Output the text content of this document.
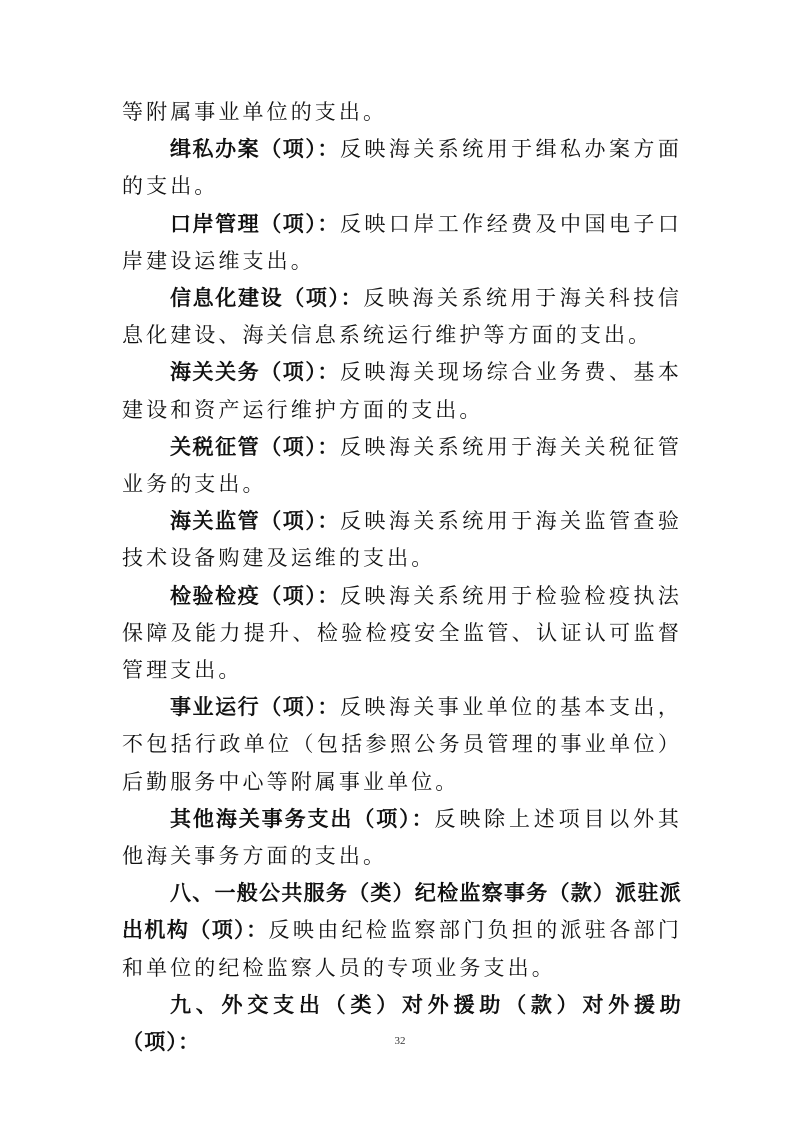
等附属事业单位的支出。

缉私办案（项）：反映海关系统用于缉私办案方面的支出。

口岸管理（项）：反映口岸工作经费及中国电子口岸建设运维支出。

信息化建设（项）：反映海关系统用于海关科技信息化建设、海关信息系统运行维护等方面的支出。

海关关务（项）：反映海关现场综合业务费、基本建设和资产运行维护方面的支出。

关税征管（项）：反映海关系统用于海关关税征管业务的支出。

海关监管（项）：反映海关系统用于海关监管查验技术设备购建及运维的支出。

检验检疫（项）：反映海关系统用于检验检疫执法保障及能力提升、检验检疫安全监管、认证认可监督管理支出。

事业运行（项）：反映海关事业单位的基本支出，不包括行政单位（包括参照公务员管理的事业单位）后勤服务中心等附属事业单位。

其他海关事务支出（项）：反映除上述项目以外其他海关事务方面的支出。

八、一般公共服务（类）纪检监察事务（款）派驻派出机构（项）：反映由纪检监察部门负担的派驻各部门和单位的纪检监察人员的专项业务支出。

九、外交支出（类）对外援助（款）对外援助（项）：	32
